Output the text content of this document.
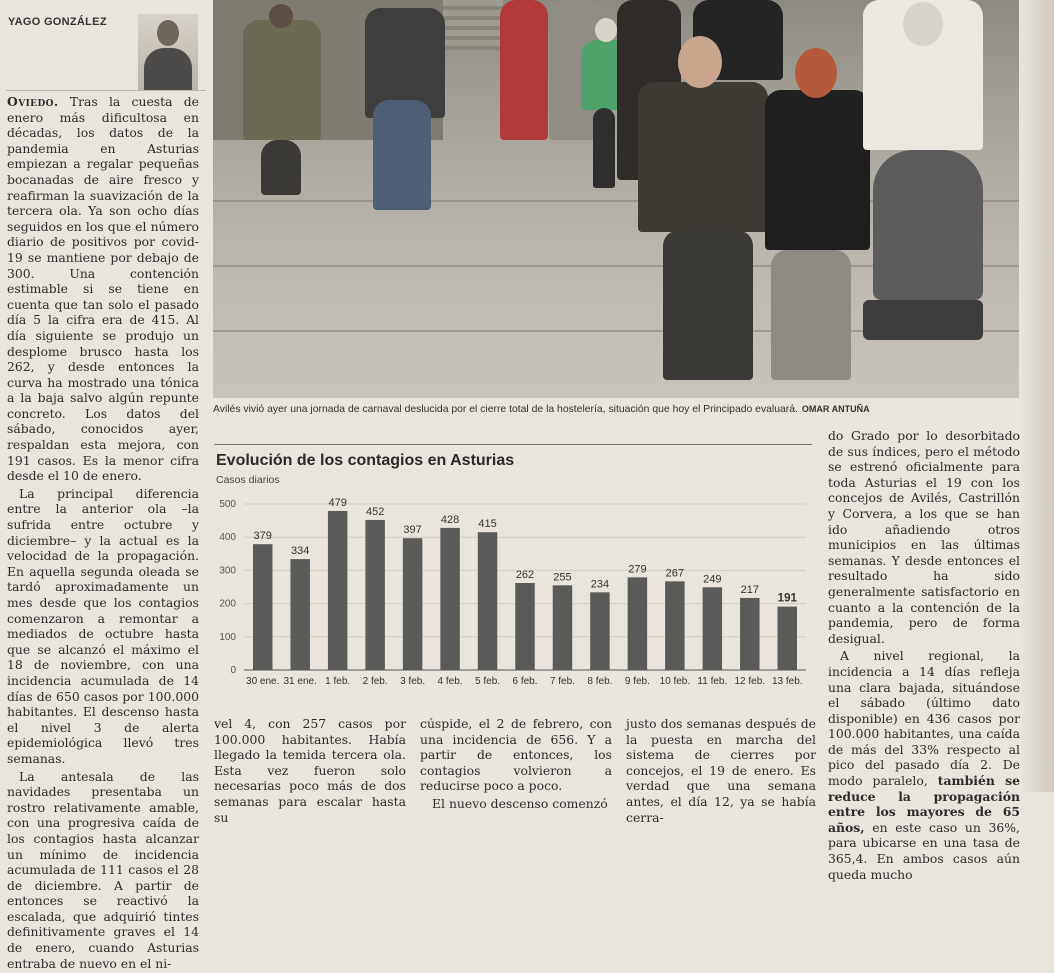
YAGO GONZÁLEZ

Oviedo. Tras la cuesta de enero más dificultosa en décadas, los datos de la pandemia en Asturias empiezan a regalar pequeñas bocanadas de aire fresco y reafirman la suavización de la tercera ola. Ya son ocho días seguidos en los que el número diario de positivos por covid-19 se mantiene por debajo de 300. Una contención estimable si se tiene en cuenta que tan solo el pasado día 5 la cifra era de 415. Al día siguiente se produjo un desplome brusco hasta los 262, y desde entonces la curva ha mostrado una tónica a la baja salvo algún repunte concreto. Los datos del sábado, conocidos ayer, respaldan esta mejora, con 191 casos. Es la menor cifra desde el 10 de enero.

La principal diferencia entre la anterior ola –la sufrida entre octubre y diciembre– y la actual es la velocidad de la propagación. En aquella segunda oleada se tardó aproximadamente un mes desde que los contagios comenzaron a remontar a mediados de octubre hasta que se alcanzó el máximo el 18 de noviembre, con una incidencia acumulada de 14 días de 650 casos por 100.000 habitantes. El descenso hasta el nivel 3 de alerta epidemiológica llevó tres semanas.

La antesala de las navidades presentaba un rostro relativamente amable, con una progresiva caída de los contagios hasta alcanzar un mínimo de incidencia acumulada de 111 casos el 28 de diciembre. A partir de entonces se reactivó la escalada, que adquirió tintes definitivamente graves el 14 de enero, cuando Asturias entraba de nuevo en el ni-

Avilés vivió ayer una jornada de carnaval deslucida por el cierre total de la hostelería, situación que hoy el Principado evaluará. OMAR ANTUÑA
Evolución de los contagios en Asturias
Casos diarios
0
100
200
300
400
500
379
30 ene.
334
31 ene.
479
1 feb.
452
2 feb.
397
3 feb.
428
4 feb.
415
5 feb.
262
6 feb.
255
7 feb.
234
8 feb.
279
9 feb.
267
10 feb.
249
11 feb.
217
12 feb.
191
13 feb.

vel 4, con 257 casos por 100.000 habitantes. Había llegado la temida tercera ola. Esta vez fueron solo necesarias poco más de dos semanas para escalar hasta su

cúspide, el 2 de febrero, con una incidencia de 656. Y a partir de entonces, los contagios volvieron a reducirse poco a poco.

El nuevo descenso comenzó

justo dos semanas después de la puesta en marcha del sistema de cierres por concejos, el 19 de enero. Es verdad que una semana antes, el día 12, ya se había cerra-

do Grado por lo desorbitado de sus índices, pero el método se estrenó oficialmente para toda Asturias el 19 con los concejos de Avilés, Castrillón y Corvera, a los que se han ido añadiendo otros municipios en las últimas semanas. Y desde entonces el resultado ha sido generalmente satisfactorio en cuanto a la contención de la pandemia, pero de forma desigual.

A nivel regional, la incidencia a 14 días refleja una clara bajada, situándose el sábado (último dato disponible) en 436 casos por 100.000 habitantes, una caída de más del 33% respecto al pico del pasado día 2. De modo paralelo, también se reduce la propagación entre los mayores de 65 años, en este caso un 36%, para ubicarse en una tasa de 365,4. En ambos casos aún queda mucho
